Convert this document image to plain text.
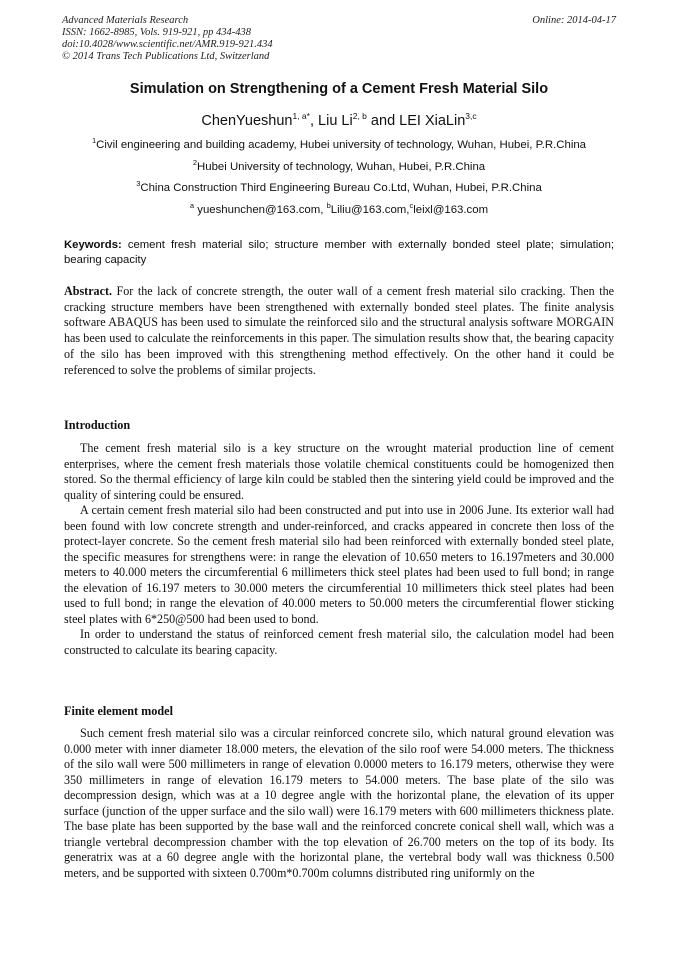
Advanced Materials Research
ISSN: 1662-8985, Vols. 919-921, pp 434-438
doi:10.4028/www.scientific.net/AMR.919-921.434
© 2014 Trans Tech Publications Ltd, Switzerland
Online: 2014-04-17
Simulation on Strengthening of a Cement Fresh Material Silo
ChenYueshun$^{1, a*}$, Liu Li$^{2, b}$ and LEI XiaLin$^{3,c}$
$^1$Civil engineering and building academy, Hubei university of technology, Wuhan, Hubei, P.R.China
$^2$Hubei University of technology, Wuhan, Hubei, P.R.China
$^3$China Construction Third Engineering Bureau Co.Ltd, Wuhan, Hubei, P.R.China
$^a$ yueshunchen@163.com, $^b$Liliu@163.com,$^c$leixl@163.com
Keywords: cement fresh material silo; structure member with externally bonded steel plate; simulation; bearing capacity
Abstract. For the lack of concrete strength, the outer wall of a cement fresh material silo cracking. Then the cracking structure members have been strengthened with externally bonded steel plates. The finite analysis software ABAQUS has been used to simulate the reinforced silo and the structural analysis software MORGAIN has been used to calculate the reinforcements in this paper. The simulation results show that, the bearing capacity of the silo has been improved with this strengthening method effectively. On the other hand it could be referenced to solve the problems of similar projects.
Introduction

The cement fresh material silo is a key structure on the wrought material production line of cement enterprises, where the cement fresh materials those volatile chemical constituents could be homogenized then stored. So the thermal efficiency of large kiln could be stabled then the sintering yield could be improved and the quality of sintering could be ensured.

A certain cement fresh material silo had been constructed and put into use in 2006 June. Its exterior wall had been found with low concrete strength and under-reinforced, and cracks appeared in concrete then loss of the protect-layer concrete. So the cement fresh material silo had been reinforced with externally bonded steel plate, the specific measures for strengthens were: in range the elevation of 10.650 meters to 16.197meters and 30.000 meters to 40.000 meters the circumferential 6 millimeters thick steel plates had been used to full bond; in range the elevation of 16.197 meters to 30.000 meters the circumferential 10 millimeters thick steel plates had been used to full bond; in range the elevation of 40.000 meters to 50.000 meters the circumferential flower sticking steel plates with 6*250@500 had been used to bond.

In order to understand the status of reinforced cement fresh material silo, the calculation model had been constructed to calculate its bearing capacity.

Finite element model

Such cement fresh material silo was a circular reinforced concrete silo, which natural ground elevation was 0.000 meter with inner diameter 18.000 meters, the elevation of the silo roof were 54.000 meters. The thickness of the silo wall were 500 millimeters in range of elevation 0.0000 meters to 16.179 meters, otherwise they were 350 millimeters in range of elevation 16.179 meters to 54.000 meters. The base plate of the silo was decompression design, which was at a 10 degree angle with the horizontal plane, the elevation of its upper surface (junction of the upper surface and the silo wall) were 16.179 meters with 600 millimeters thickness plate. The base plate has been supported by the base wall and the reinforced concrete conical shell wall, which was a triangle vertebral decompression chamber with the top elevation of 26.700 meters on the top of its body. Its generatrix was at a 60 degree angle with the horizontal plane, the vertebral body wall was thickness 0.500 meters, and be supported with sixteen 0.700m*0.700m columns distributed ring uniformly on the
